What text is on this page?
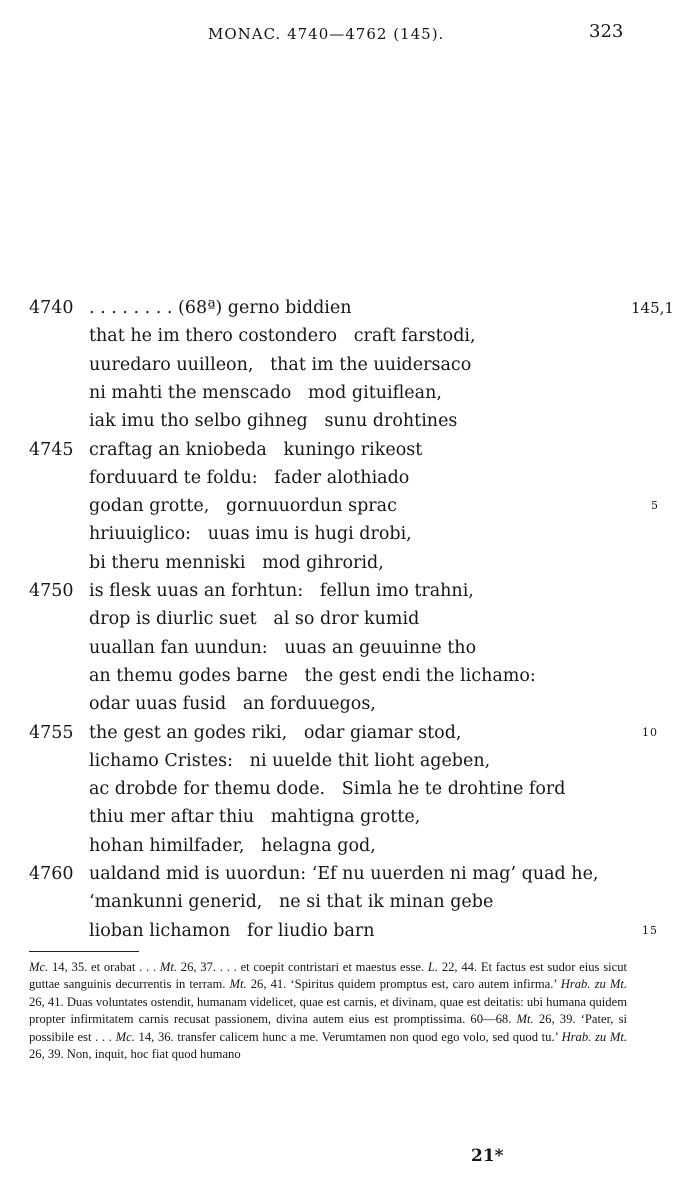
MONAC. 4740—4762 (145).	323
4740 . . . . . . . . (68ª) gerno biddien	145,1
that he im thero costondero   craft farstodi,
uuredaro uuilleon,   that im the uuidersaco
ni mahti the menscado   mod gituiflean,
iak imu tho selbo gihneg   sunu drohtines
4745 craftag an kniobeda   kuningo rikeost
forduuard te foldu:   fader alothiado
godan grotte,   gornuuordun sprac	5
hriuuiglico:   uuas imu is hugi drobi,
bi theru menniski   mod gihrorid,
4750 is flesk uuas an forhtun:   fellun imo trahni,
drop is diurlic suet   al so dror kumid
uuallan fan uundun:   uuas an geuuinne tho
an themu godes barne   the gest endi the lichamo:
odar uuas fusid   an forduuegos,
4755 the gest an godes riki,   odar giamar stod,	10
lichamo Cristes:   ni uuelde thit lioht ageben,
ac drobde for themu dode.   Simla he te drohtine ford
thiu mer aftar thiu   mahtigna grotte,
hohan himilfader,   helagna god,
4760 ualdand mid is uuordun: ‘Ef nu uuerden ni mag’ quad he,
‘mankunni generid,   ne si that ik minan gebe
lioban lichamon   for liudio barn	15

Mc. 14, 35. et orabat . . . Mt. 26, 37. . . . et coepit contristari et maestus esse. L. 22, 44. Et factus est sudor eius sicut guttae sanguinis decurrentis in terram. Mt. 26, 41. ‘Spiritus quidem promptus est, caro autem infirma.’ Hrab. zu Mt. 26, 41. Duas voluntates ostendit, humanam videlicet, quae est carnis, et divinam, quae est deitatis: ubi humana quidem propter infirmitatem carnis recusat passionem, divina autem eius est promptissima. 60—68. Mt. 26, 39. ‘Pater, si possibile est . . . Mc. 14, 36. transfer calicem hunc a me. Verumtamen non quod ego volo, sed quod tu.’ Hrab. zu Mt. 26, 39. Non, inquit, hoc fiat quod humano

21*
